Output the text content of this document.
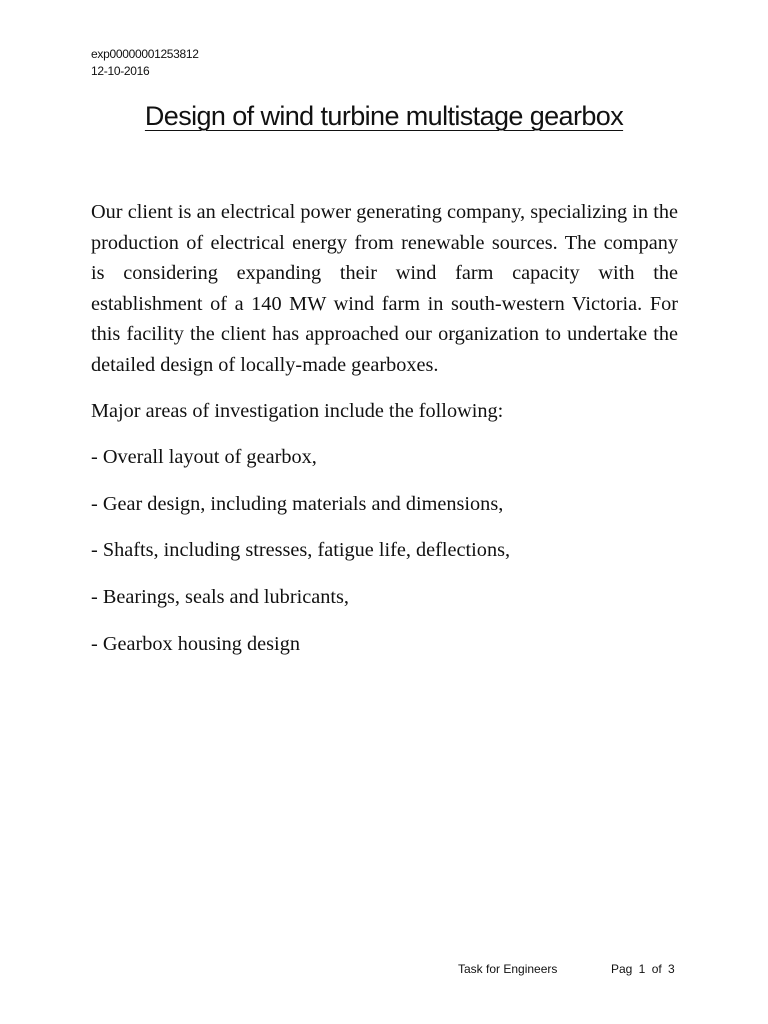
exp00000001253812
12-10-2016
Design of wind turbine multistage gearbox

Our client is an electrical power generating company, specializing in the production of electrical energy from renewable sources. The company is considering expanding their wind farm capacity with the establishment of a 140 MW wind farm in south-western Victoria. For this facility the client has approached our organization to undertake the detailed design of locally-made gearboxes.

Major areas of investigation include the following:

- Overall layout of gearbox,

- Gear design, including materials and dimensions,

- Shafts, including stresses, fatigue life, deflections,

- Bearings, seals and lubricants,

- Gearbox housing design

Task for Engineers	Pag 1 of 3
